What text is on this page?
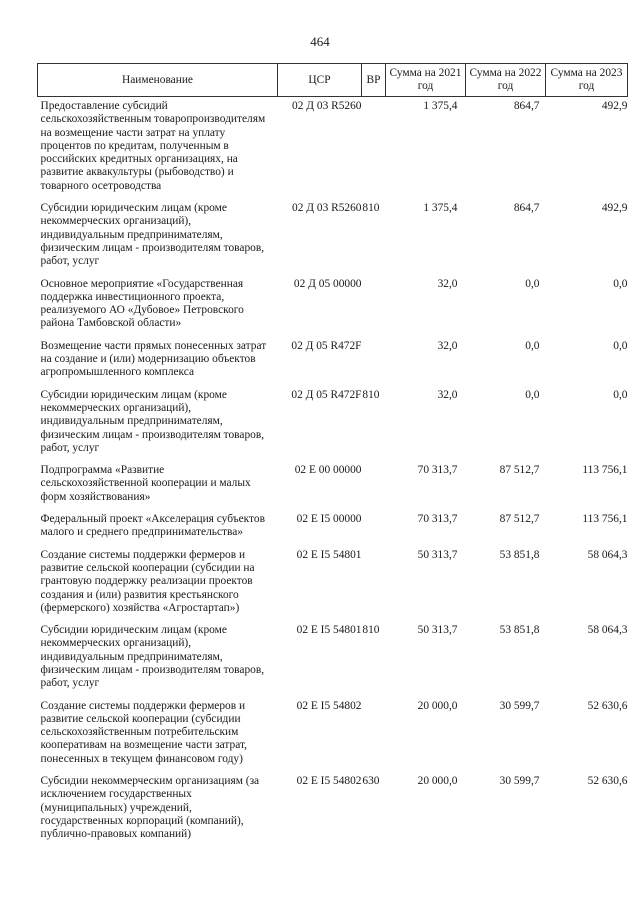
464
Наименование	ЦСР	ВР	Сумма на 2021 год	Сумма на 2022 год	Сумма на 2023 год
Предоставление субсидий сельскохозяйственным товаропроизводителям на возмещение части затрат на уплату процентов по кредитам, полученным в российских кредитных организациях, на развитие аквакультуры (рыбоводство) и товарного осетроводства	02 Д 03 R5260		1 375,4	864,7	492,9
Субсидии юридическим лицам (кроме некоммерческих организаций), индивидуальным предпринимателям, физическим лицам - производителям товаров, работ, услуг	02 Д 03 R5260	810	1 375,4	864,7	492,9
Основное мероприятие «Государственная поддержка инвестиционного проекта, реализуемого АО «Дубовое» Петровского района Тамбовской области»	02 Д 05 00000		32,0	0,0	0,0
Возмещение части прямых понесенных затрат на создание и (или) модернизацию объектов агропромышленного комплекса	02 Д 05 R472F		32,0	0,0	0,0
Субсидии юридическим лицам (кроме некоммерческих организаций), индивидуальным предпринимателям, физическим лицам - производителям товаров, работ, услуг	02 Д 05 R472F	810	32,0	0,0	0,0
Подпрограмма «Развитие сельскохозяйственной кооперации и малых форм хозяйствования»	02 Е 00 00000		70 313,7	87 512,7	113 756,1
Федеральный проект «Акселерация субъектов малого и среднего предпринимательства»	02 Е I5 00000		70 313,7	87 512,7	113 756,1
Создание системы поддержки фермеров и развитие сельской кооперации (субсидии на грантовую поддержку реализации проектов создания и (или) развития крестьянского (фермерского) хозяйства «Агростартап»)	02 Е I5 54801		50 313,7	53 851,8	58 064,3
Субсидии юридическим лицам (кроме некоммерческих организаций), индивидуальным предпринимателям, физическим лицам - производителям товаров, работ, услуг	02 Е I5 54801	810	50 313,7	53 851,8	58 064,3
Создание системы поддержки фермеров и развитие сельской кооперации (субсидии сельскохозяйственным потребительским кооперативам на возмещение части затрат, понесенных в текущем финансовом году)	02 Е I5 54802		20 000,0	30 599,7	52 630,6
Субсидии некоммерческим организациям (за исключением государственных (муниципальных) учреждений, государственных корпораций (компаний), публично-правовых компаний)	02 Е I5 54802	630	20 000,0	30 599,7	52 630,6
